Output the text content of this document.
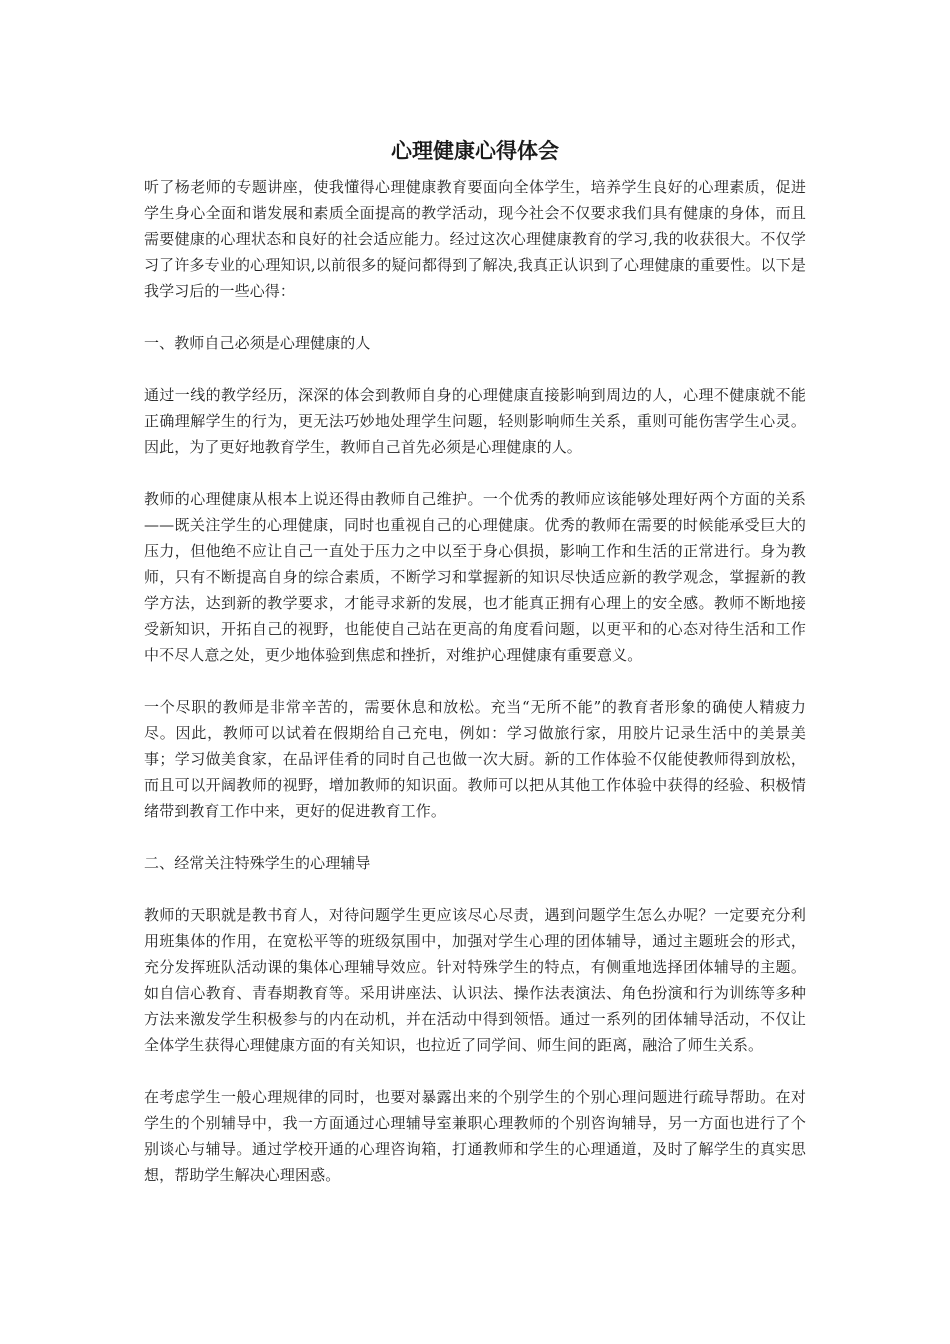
心理健康心得体会

听了杨老师的专题讲座，使我懂得心理健康教育要面向全体学生，培养学生良好的心理素质，促进学生身心全面和谐发展和素质全面提高的教学活动，现今社会不仅要求我们具有健康的身体，而且需要健康的心理状态和良好的社会适应能力。经过这次心理健康教育的学习,我的收获很大。不仅学习了许多专业的心理知识,以前很多的疑问都得到了解决,我真正认识到了心理健康的重要性。以下是我学习后的一些心得：

一、教师自己必须是心理健康的人

通过一线的教学经历，深深的体会到教师自身的心理健康直接影响到周边的人，心理不健康就不能正确理解学生的行为，更无法巧妙地处理学生问题，轻则影响师生关系，重则可能伤害学生心灵。因此，为了更好地教育学生，教师自己首先必须是心理健康的人。

教师的心理健康从根本上说还得由教师自己维护。一个优秀的教师应该能够处理好两个方面的关系——既关注学生的心理健康，同时也重视自己的心理健康。优秀的教师在需要的时候能承受巨大的压力，但他绝不应让自己一直处于压力之中以至于身心俱损，影响工作和生活的正常进行。身为教师，只有不断提高自身的综合素质，不断学习和掌握新的知识尽快适应新的教学观念，掌握新的教学方法，达到新的教学要求，才能寻求新的发展，也才能真正拥有心理上的安全感。教师不断地接受新知识，开拓自己的视野，也能使自己站在更高的角度看问题，以更平和的心态对待生活和工作中不尽人意之处，更少地体验到焦虑和挫折，对维护心理健康有重要意义。

一个尽职的教师是非常辛苦的，需要休息和放松。充当“无所不能”的教育者形象的确使人精疲力尽。因此，教师可以试着在假期给自己充电，例如：学习做旅行家，用胶片记录生活中的美景美事；学习做美食家，在品评佳肴的同时自己也做一次大厨。新的工作体验不仅能使教师得到放松，而且可以开阔教师的视野，增加教师的知识面。教师可以把从其他工作体验中获得的经验、积极情绪带到教育工作中来，更好的促进教育工作。

二、经常关注特殊学生的心理辅导

教师的天职就是教书育人，对待问题学生更应该尽心尽责，遇到问题学生怎么办呢？一定要充分利用班集体的作用，在宽松平等的班级氛围中，加强对学生心理的团体辅导，通过主题班会的形式，充分发挥班队活动课的集体心理辅导效应。针对特殊学生的特点，有侧重地选择团体辅导的主题。如自信心教育、青春期教育等。采用讲座法、认识法、操作法表演法、角色扮演和行为训练等多种方法来激发学生积极参与的内在动机，并在活动中得到领悟。通过一系列的团体辅导活动，不仅让全体学生获得心理健康方面的有关知识，也拉近了同学间、师生间的距离，融洽了师生关系。

在考虑学生一般心理规律的同时，也要对暴露出来的个别学生的个别心理问题进行疏导帮助。在对学生的个别辅导中，我一方面通过心理辅导室兼职心理教师的个别咨询辅导，另一方面也进行了个别谈心与辅导。通过学校开通的心理咨询箱，打通教师和学生的心理通道，及时了解学生的真实思想，帮助学生解决心理困惑。
